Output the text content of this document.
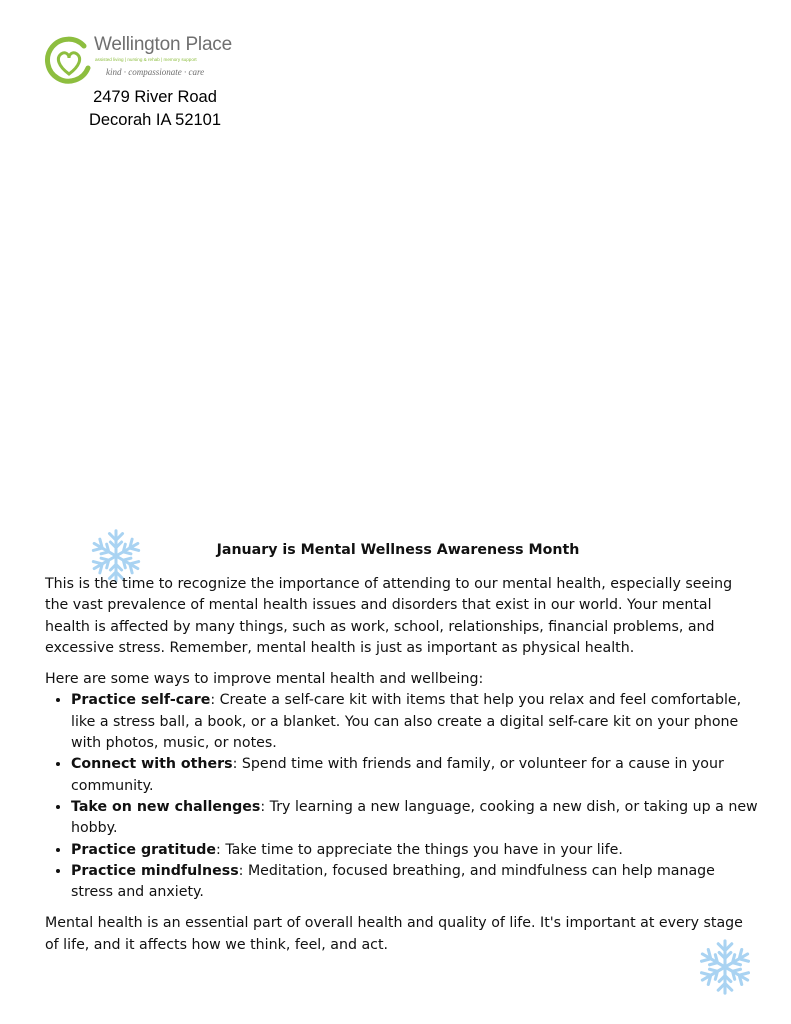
Wellington Place
assisted living | nursing & rehab | memory support
kind · compassionate · care
2479 River Road
Decorah IA 52101
January is Mental Wellness Awareness Month

This is the time to recognize the importance of attending to our mental health, especially seeing the vast prevalence of mental health issues and disorders that exist in our world. Your mental health is affected by many things, such as work, school, relationships, financial problems, and excessive stress. Remember, mental health is just as important as physical health.

Here are some ways to improve mental health and wellbeing:

• Practice self-care: Create a self-care kit with items that help you relax and feel comfortable, like a stress ball, a book, or a blanket. You can also create a digital self-care kit on your phone with photos, music, or notes.
• Connect with others: Spend time with friends and family, or volunteer for a cause in your community.
• Take on new challenges: Try learning a new language, cooking a new dish, or taking up a new hobby.
• Practice gratitude: Take time to appreciate the things you have in your life.
• Practice mindfulness: Meditation, focused breathing, and mindfulness can help manage stress and anxiety.

Mental health is an essential part of overall health and quality of life. It's important at every stage of life, and it affects how we think, feel, and act.
